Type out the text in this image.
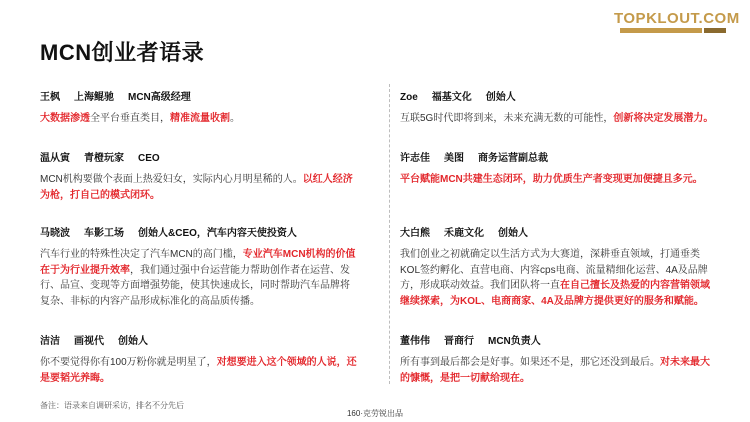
MCN创业者语录
TOPKLOUT.COM
王枫 上海鲲驰 MCN高级经理
大数据渗透全平台垂直类目，精准流量收割。
温从寅 青橙玩家 CEO
MCN机构要做个表面上热爱妇女，实际内心月明星稀的人。以红人经济为枪，打自己的模式闭环。
马晓波 车影工场 创始人&CEO，汽车内容天使投资人
汽车行业的特殊性决定了汽车MCN的高门槛，专业汽车MCN机构的价值在于为行业提升效率，我们通过强中台运营能力帮助创作者在运营、发行、品宣、变现等方面增强势能，使其快速成长，同时帮助汽车品牌将复杂、非标的内容产品形成标准化的高品质传播。
洁洁 画视代 创始人
你不要觉得你有100万粉你就是明星了，对想要进入这个领域的人说，还是要韬光养晦。
Zoe 福基文化 创始人
互联5G时代即将到来，未来充满无数的可能性，创新将决定发展潜力。
许志佳 美图 商务运营副总裁
平台赋能MCN共建生态闭环，助力优质生产者变现更加便捷且多元。
大白熊 禾鹿文化 创始人
我们创业之初就确定以生活方式为大赛道，深耕垂直领域，打通垂类KOL签约孵化、直营电商、内容cps电商、流量精细化运营、4A及品牌方，形成联动效益。我们团队将一直在自己擅长及热爱的内容营销领域继续探索，为KOL、电商商家、4A及品牌方提供更好的服务和赋能。
董伟伟 晋商行 MCN负责人
所有事到最后都会是好事。如果还不是，那它还没到最后。对未来最大的慷慨，是把一切献给现在。
备注：语录来自调研采访，排名不分先后
160·克劳锐出品
